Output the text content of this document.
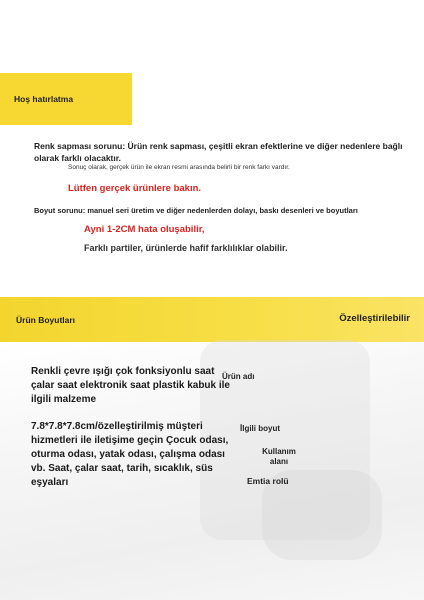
Hoş hatırlatma
Renk sapması sorunu: Ürün renk sapması, çeşitli ekran efektlerine ve diğer nedenlere bağlı olarak farklı olacaktır.
Sonuç olarak, gerçek ürün ile ekran resmi arasında belirli bir renk farkı vardır.
Lütfen gerçek ürünlere bakın.
Boyut sorunu: manuel seri üretim ve diğer nedenlerden dolayı, baskı desenleri ve boyutları
Ayni 1-2CM hata oluşabilir,
Farklı partiler, ürünlerde hafif farklılıklar olabilir.
Ürün Boyutları	Özelleştirilebilir
Renkli çevre ışığı çok fonksiyonlu saat çalar saat elektronik saat plastik kabuk ile ilgili malzeme
Ürün adı
7.8*7.8*7.8cm/özelleştirilmiş müşteri hizmetleri ile iletişime geçin Çocuk odası, oturma odası, yatak odası, çalışma odası vb. Saat, çalar saat, tarih, sıcaklık, süs eşyaları
İlgili boyut
Kullanım alanı
Emtia rolü
